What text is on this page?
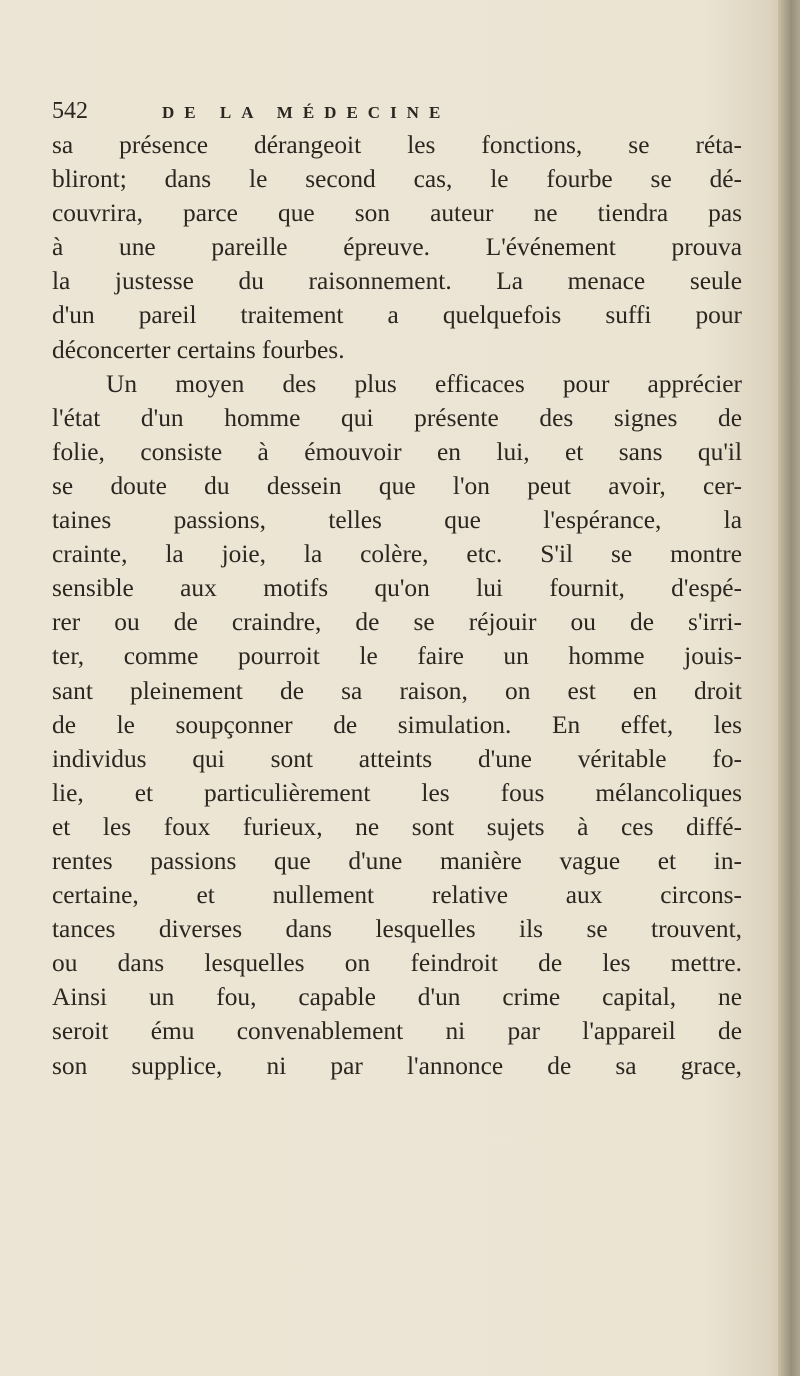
542	DE LA MÉDECINE
sa présence dérangeoit les fonctions, se réta-
bliront; dans le second cas, le fourbe se dé-
couvrira, parce que son auteur ne tiendra pas
à une pareille épreuve. L'événement prouva
la justesse du raisonnement. La menace seule
d'un pareil traitement a quelquefois suffi pour
déconcerter certains fourbes.
Un moyen des plus efficaces pour apprécier
l'état d'un homme qui présente des signes de
folie, consiste à émouvoir en lui, et sans qu'il
se doute du dessein que l'on peut avoir, cer-
taines passions, telles que l'espérance, la
crainte, la joie, la colère, etc. S'il se montre
sensible aux motifs qu'on lui fournit, d'espé-
rer ou de craindre, de se réjouir ou de s'irri-
ter, comme pourroit le faire un homme jouis-
sant pleinement de sa raison, on est en droit
de le soupçonner de simulation. En effet, les
individus qui sont atteints d'une véritable fo-
lie, et particulièrement les fous mélancoliques
et les foux furieux, ne sont sujets à ces diffé-
rentes passions que d'une manière vague et in-
certaine, et nullement relative aux circons-
tances diverses dans lesquelles ils se trouvent,
ou dans lesquelles on feindroit de les mettre.
Ainsi un fou, capable d'un crime capital, ne
seroit ému convenablement ni par l'appareil de
son supplice, ni par l'annonce de sa grace,
